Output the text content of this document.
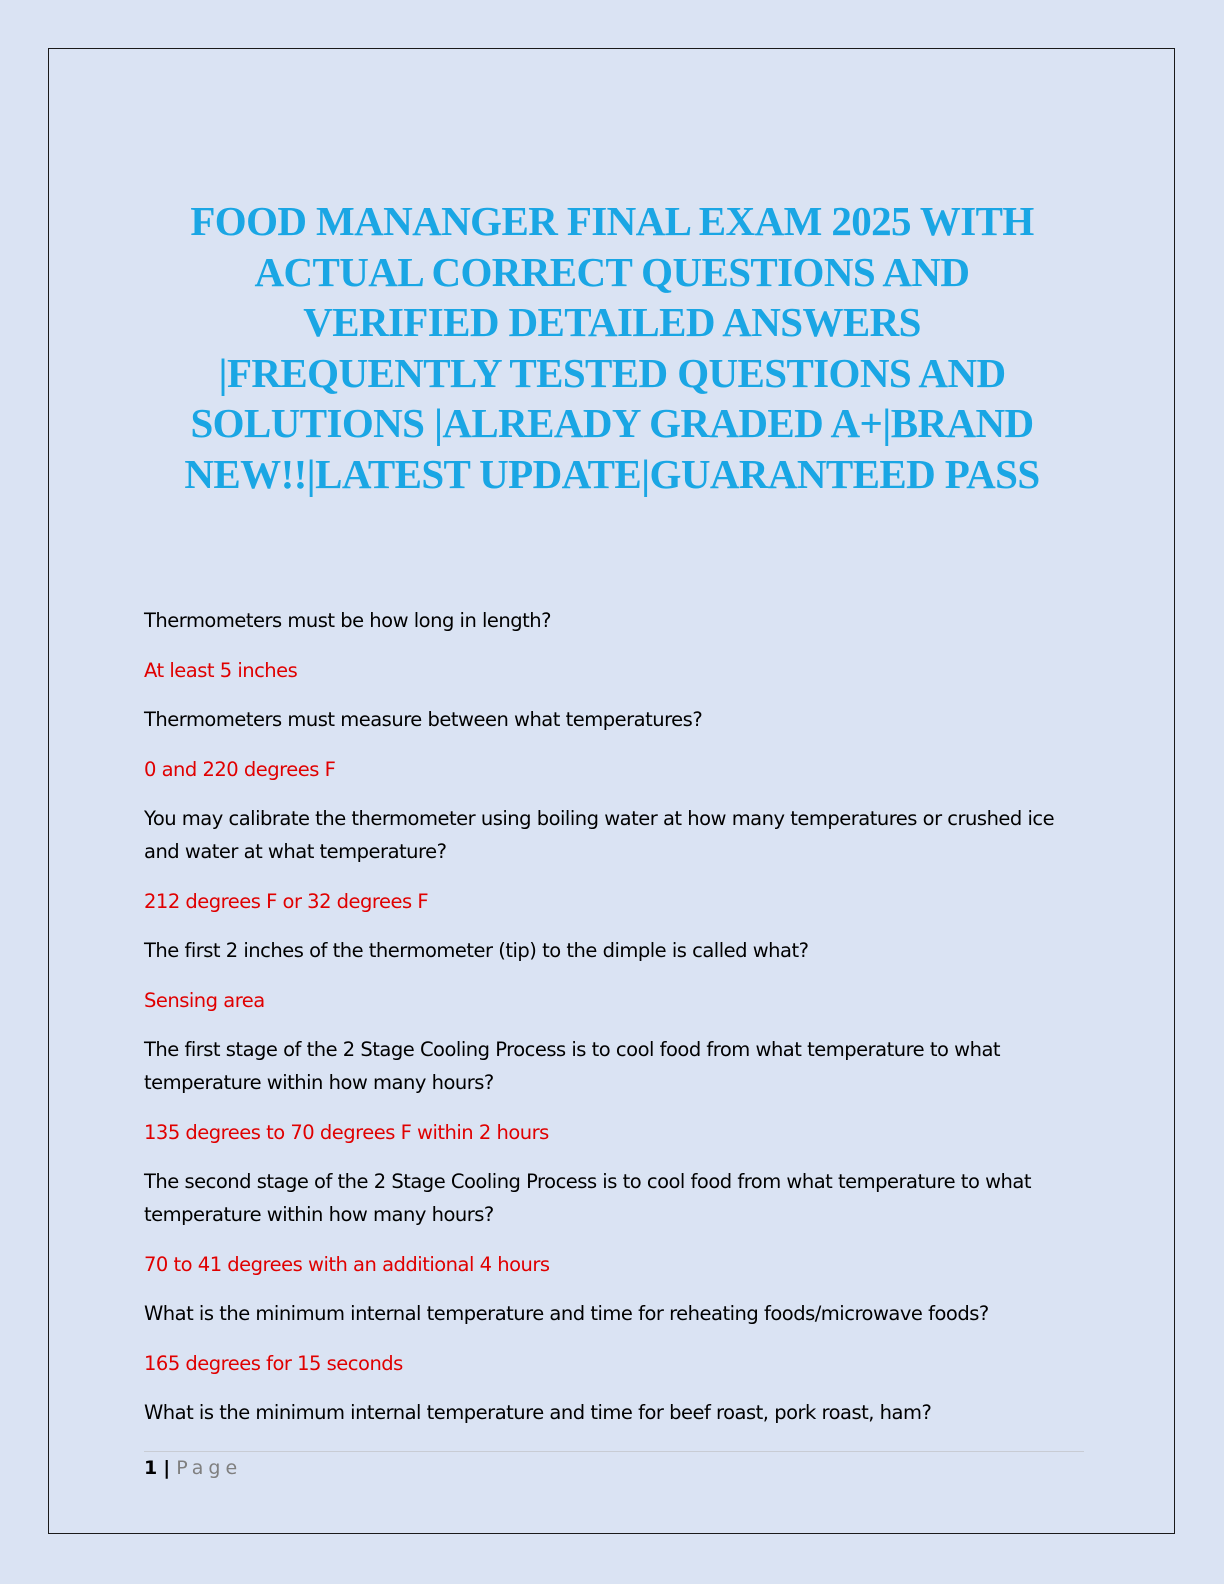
FOOD MANANGER FINAL EXAM 2025 WITH
ACTUAL CORRECT QUESTIONS AND
VERIFIED DETAILED ANSWERS
|FREQUENTLY TESTED QUESTIONS AND
SOLUTIONS |ALREADY GRADED A+|BRAND
NEW!!|LATEST UPDATE|GUARANTEED PASS

Thermometers must be how long in length?

At least 5 inches

Thermometers must measure between what temperatures?

0 and 220 degrees F

You may calibrate the thermometer using boiling water at how many temperatures or crushed ice and water at what temperature?

212 degrees F or 32 degrees F

The first 2 inches of the thermometer (tip) to the dimple is called what?

Sensing area

The first stage of the 2 Stage Cooling Process is to cool food from what temperature to what temperature within how many hours?

135 degrees to 70 degrees F within 2 hours

The second stage of the 2 Stage Cooling Process is to cool food from what temperature to what temperature within how many hours?

70 to 41 degrees with an additional 4 hours

What is the minimum internal temperature and time for reheating foods/microwave foods?

165 degrees for 15 seconds

What is the minimum internal temperature and time for beef roast, pork roast, ham?

1 | Page
